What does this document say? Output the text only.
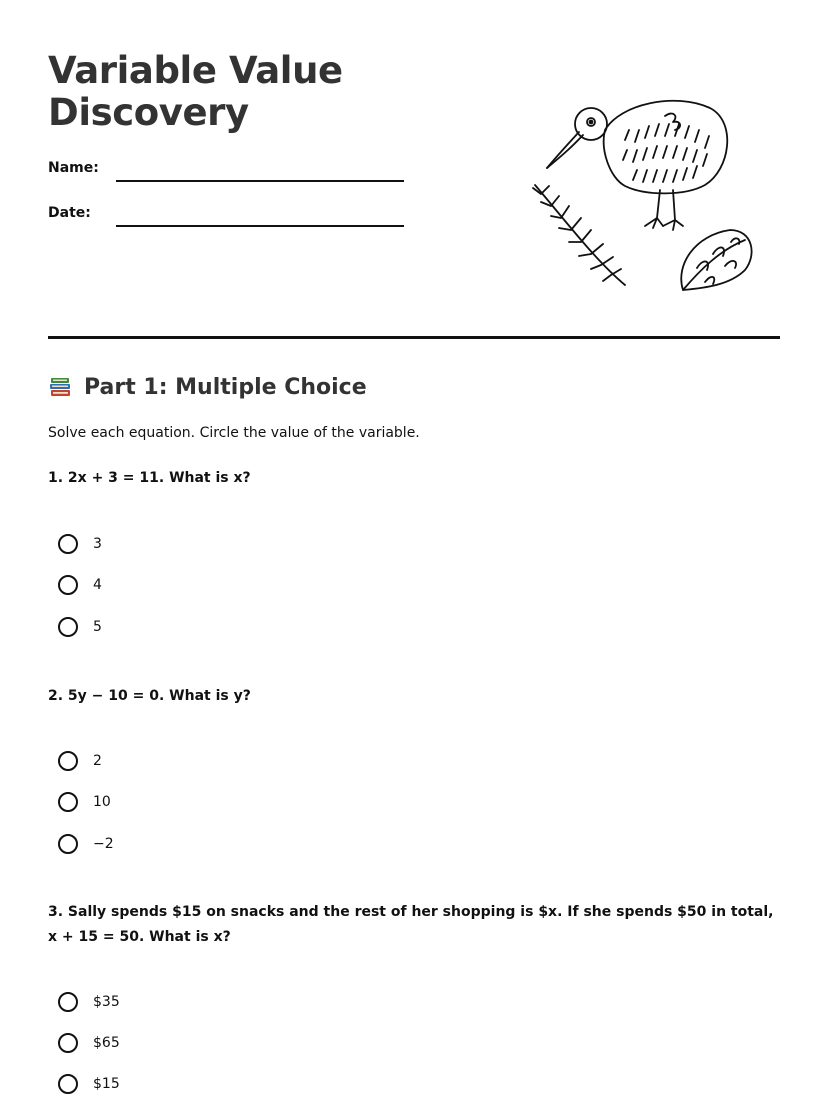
Variable Value
Discovery
Name:
Date:
Part 1: Multiple Choice
Solve each equation. Circle the value of the variable.
1. 2x + 3 = 11. What is x?
3
4
5
2. 5y − 10 = 0. What is y?
2
10
−2
3. Sally spends $15 on snacks and the rest of her shopping is $x. If she spends $50 in total, x + 15 = 50. What is x?
$35
$65
$15
